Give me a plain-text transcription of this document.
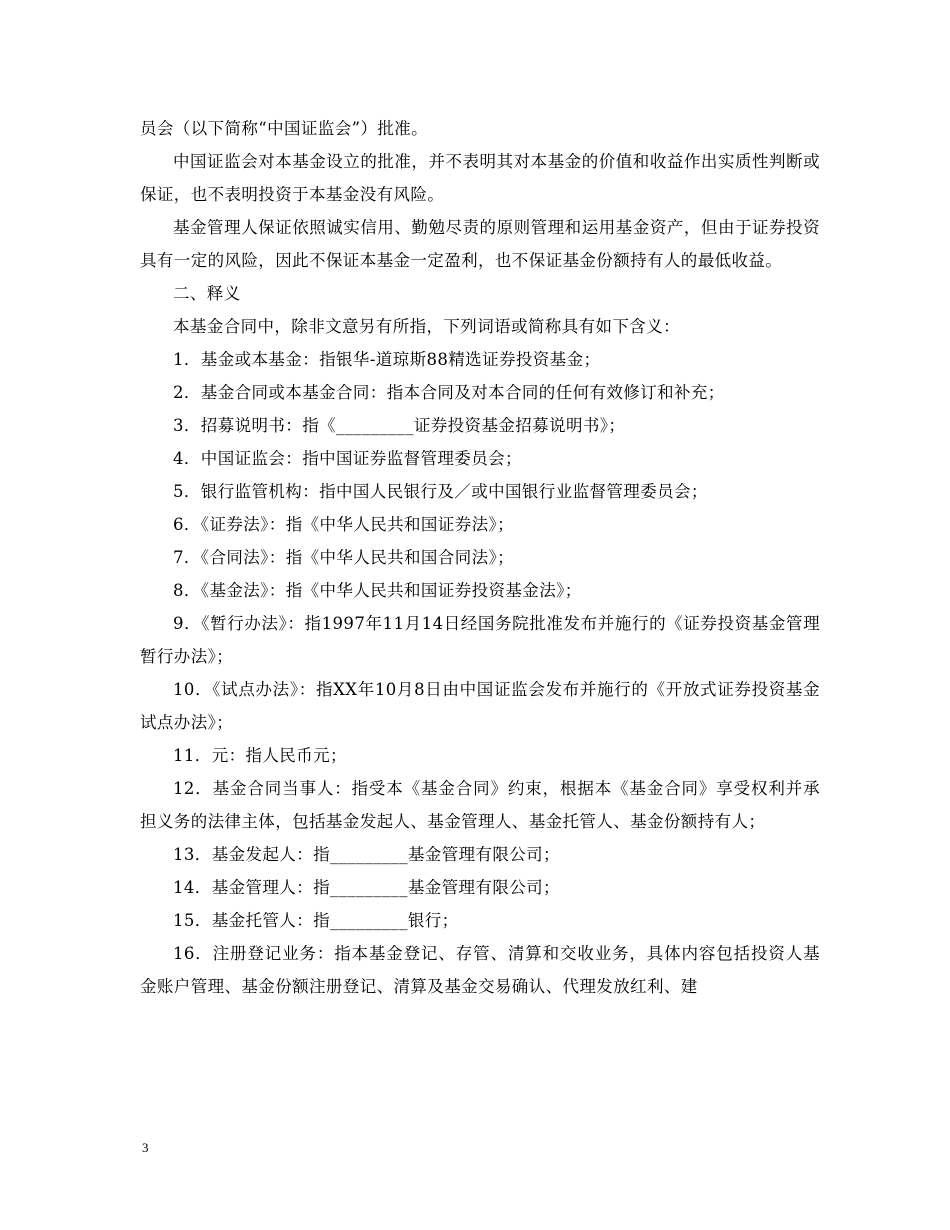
员会（以下简称“中国证监会”）批准。

中国证监会对本基金设立的批准，并不表明其对本基金的价值和收益作出实质性判断或保证，也不表明投资于本基金没有风险。

基金管理人保证依照诚实信用、勤勉尽责的原则管理和运用基金资产，但由于证券投资具有一定的风险，因此不保证本基金一定盈利，也不保证基金份额持有人的最低收益。

二、释义

本基金合同中，除非文意另有所指，下列词语或简称具有如下含义：

1．基金或本基金：指银华-道琼斯88精选证券投资基金；

2．基金合同或本基金合同：指本合同及对本合同的任何有效修订和补充；

3．招募说明书：指《_________证券投资基金招募说明书》；

4．中国证监会：指中国证券监督管理委员会；

5．银行监管机构：指中国人民银行及／或中国银行业监督管理委员会；

6．《证券法》：指《中华人民共和国证券法》；

7．《合同法》：指《中华人民共和国合同法》；

8．《基金法》：指《中华人民共和国证券投资基金法》；

9．《暂行办法》：指1997年11月14日经国务院批准发布并施行的《证券投资基金管理暂行办法》；

10．《试点办法》：指XX年10月8日由中国证监会发布并施行的《开放式证券投资基金试点办法》；

11．元：指人民币元；

12．基金合同当事人：指受本《基金合同》约束，根据本《基金合同》享受权利并承担义务的法律主体，包括基金发起人、基金管理人、基金托管人、基金份额持有人；

13．基金发起人：指_________基金管理有限公司；

14．基金管理人：指_________基金管理有限公司；

15．基金托管人：指_________银行；

16．注册登记业务：指本基金登记、存管、清算和交收业务，具体内容包括投资人基金账户管理、基金份额注册登记、清算及基金交易确认、代理发放红利、建

3
